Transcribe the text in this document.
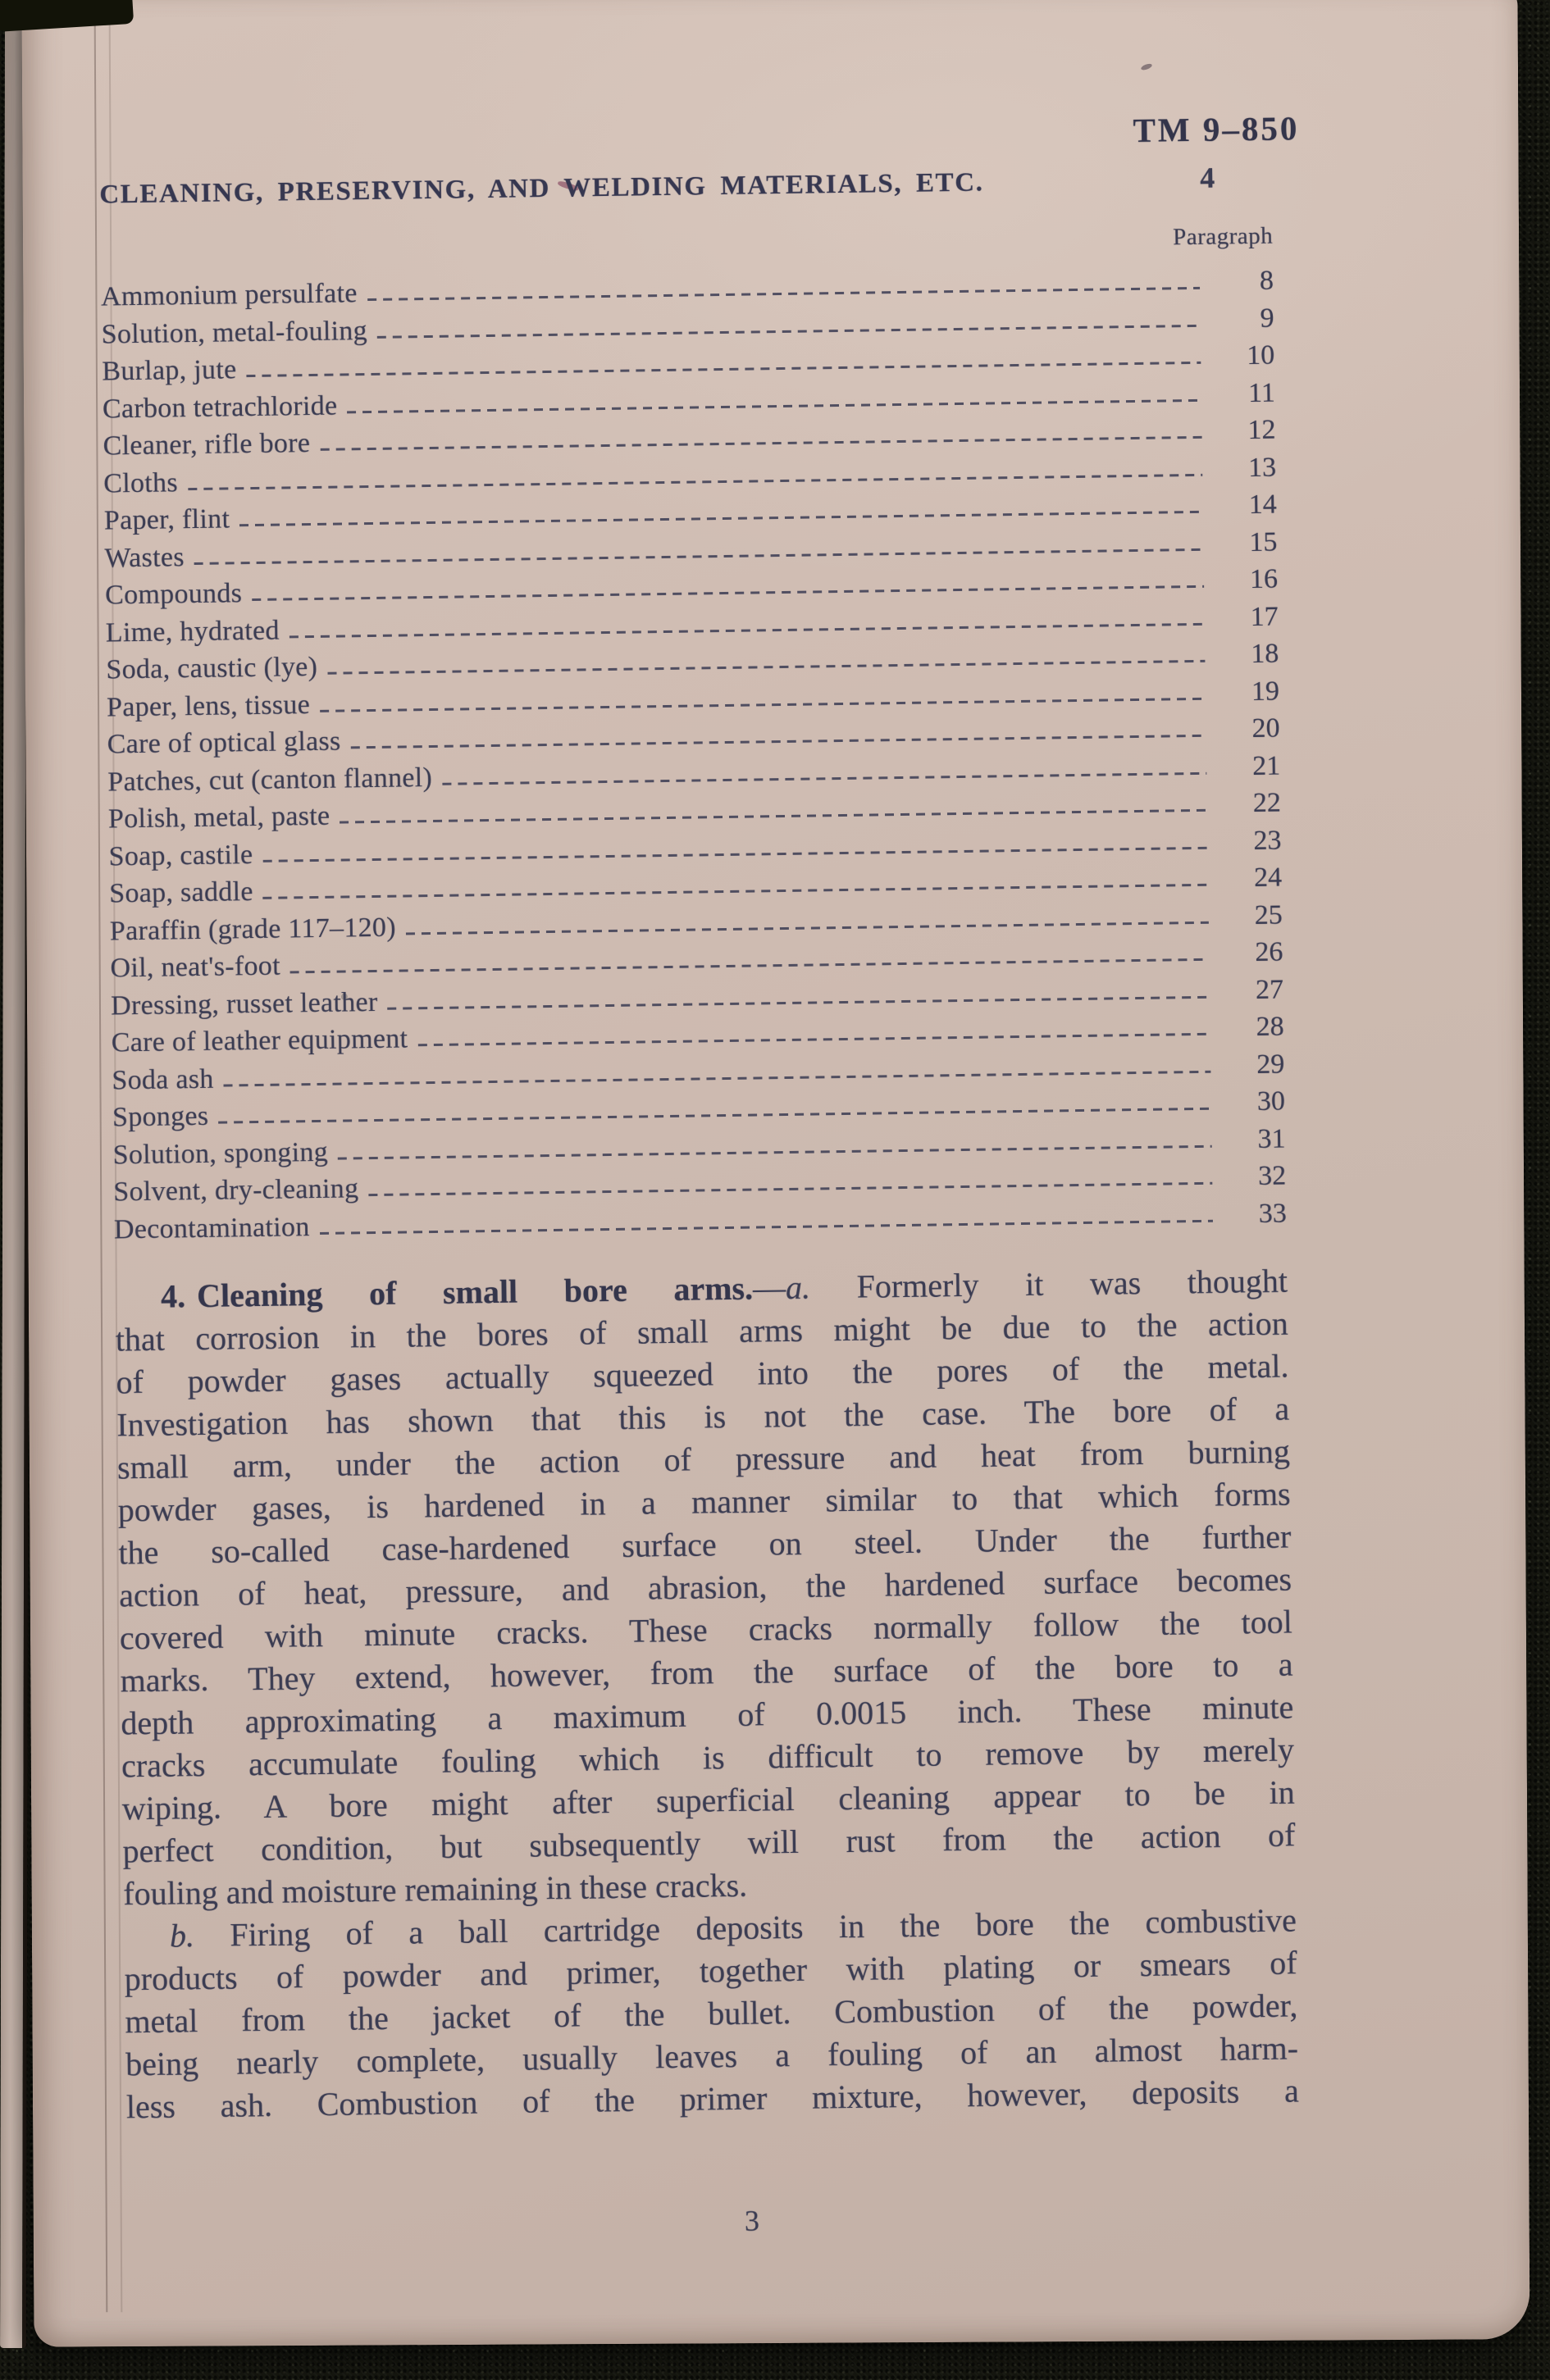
TM 9–850
CLEANING, PRESERVING, AND WELDING MATERIALS, ETC.	4
Paragraph
Ammonium persulfate	8
Solution, metal-fouling	9
Burlap, jute	10
Carbon tetrachloride	11
Cleaner, rifle bore	12
Cloths	13
Paper, flint	14
Wastes	15
Compounds	16
Lime, hydrated	17
Soda, caustic (lye)	18
Paper, lens, tissue	19
Care of optical glass	20
Patches, cut (canton flannel)	21
Polish, metal, paste	22
Soap, castile	23
Soap, saddle	24
Paraffin (grade 117–120)	25
Oil, neat's-foot	26
Dressing, russet leather	27
Care of leather equipment	28
Soda ash	29
Sponges	30
Solution, sponging	31
Solvent, dry-cleaning	32
Decontamination	33
4. Cleaning of small bore arms.—a. Formerly it was thought
that corrosion in the bores of small arms might be due to the action
of powder gases actually squeezed into the pores of the metal.
Investigation has shown that this is not the case. The bore of a
small arm, under the action of pressure and heat from burning
powder gases, is hardened in a manner similar to that which forms
the so-called case-hardened surface on steel. Under the further
action of heat, pressure, and abrasion, the hardened surface becomes
covered with minute cracks. These cracks normally follow the tool
marks. They extend, however, from the surface of the bore to a
depth approximating a maximum of 0.0015 inch. These minute
cracks accumulate fouling which is difficult to remove by merely
wiping. A bore might after superficial cleaning appear to be in
perfect condition, but subsequently will rust from the action of
fouling and moisture remaining in these cracks.
b. Firing of a ball cartridge deposits in the bore the combustive
products of powder and primer, together with plating or smears of
metal from the jacket of the bullet. Combustion of the powder,
being nearly complete, usually leaves a fouling of an almost harm-
less ash. Combustion of the primer mixture, however, deposits a
3
